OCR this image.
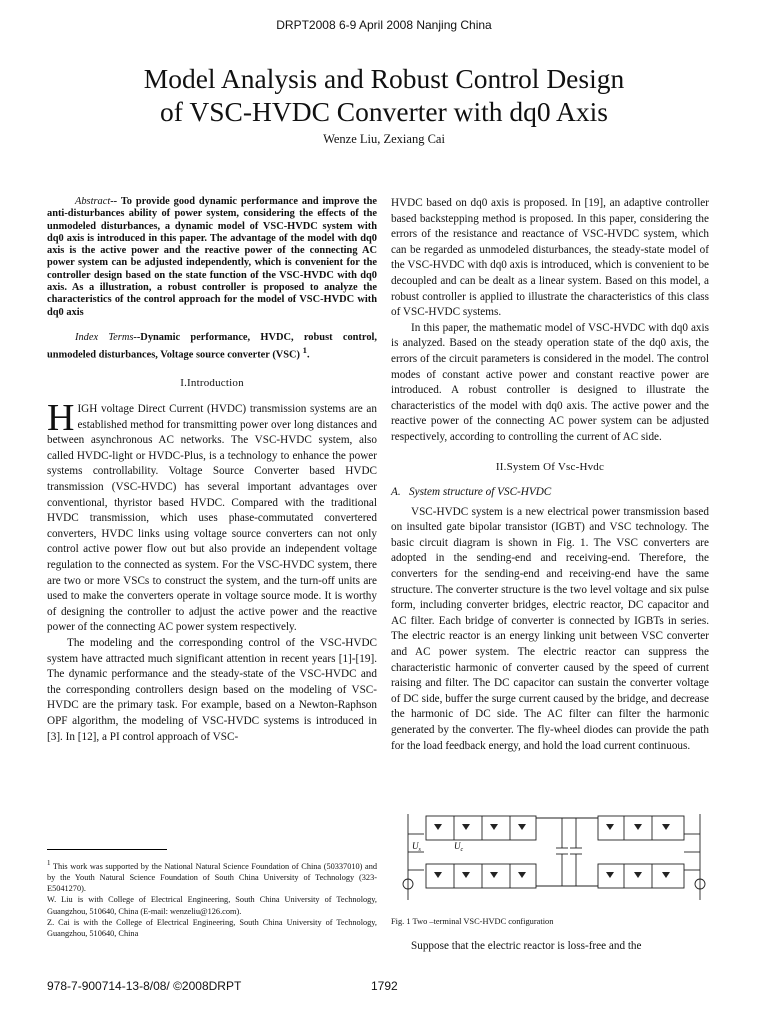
DRPT2008 6-9 April 2008 Nanjing China
Model Analysis and Robust Control Design
of VSC-HVDC Converter with dq0 Axis
Wenze Liu, Zexiang Cai

Abstract-- To provide good dynamic performance and improve the anti-disturbances ability of power system, considering the effects of the unmodeled disturbances, a dynamic model of VSC-HVDC system with dq0 axis is introduced in this paper. The advantage of the model with dq0 axis is the active power and the reactive power of the connecting AC power system can be adjusted independently, which is convenient for the controller design based on the state function of the VSC-HVDC with dq0 axis. As a illustration, a robust controller is proposed to analyze the characteristics of the control approach for the model of VSC-HVDC with dq0 axis

Index Terms--Dynamic performance, HVDC, robust control, unmodeled disturbances, Voltage source converter (VSC) $^1$.

I.Introduction

HIGH voltage Direct Current (HVDC) transmission systems are an established method for transmitting power over long distances and between asynchronous AC networks. The VSC-HVDC system, also called HVDC-light or HVDC-Plus, is a technology to enhance the power systems controllability. Voltage Source Converter based HVDC transmission (VSC-HVDC) has several important advantages over conventional, thyristor based HVDC. Compared with the traditional HVDC transmission, which uses phase-commutated convertered converters, HVDC links using voltage source converters can not only control active power flow out but also provide an independent voltage regulation to the connected as system. For the VSC-HVDC system, there are two or more VSCs to construct the system, and the turn-off units are used to make the converters operate in voltage source mode. It is worthy of designing the controller to adjust the active power and the reactive power of the connecting AC power system respectively.

The modeling and the corresponding control of the VSC-HVDC system have attracted much significant attention in recent years [1]-[19]. The dynamic performance and the steady-state of the VSC-HVDC and the corresponding controllers design based on the modeling of VSC-HVDC are the primary task. For example, based on a Newton-Raphson OPF algorithm, the modeling of VSC-HVDC systems is introduced in [3]. In [12], a PI control approach of VSC-

HVDC based on dq0 axis is proposed. In [19], an adaptive controller based backstepping method is proposed. In this paper, considering the errors of the resistance and reactance of VSC-HVDC system, which can be regarded as unmodeled disturbances, the steady-state model of the VSC-HVDC with dq0 axis is introduced, which is convenient to be decoupled and can be dealt as a linear system. Based on this model, a robust controller is applied to illustrate the characteristics of this class of VSC-HVDC systems.

In this paper, the mathematic model of VSC-HVDC with dq0 axis is analyzed. Based on the steady operation state of the dq0 axis, the errors of the circuit parameters is considered in the model. The control modes of constant active power and constant reactive power are introduced. A robust controller is designed to illustrate the characteristics of the model with dq0 axis. The active power and the reactive power of the connecting AC power system can be adjusted respectively, according to controlling the current of AC side.

II.System Of Vsc-Hvdc
A.   System structure of VSC-HVDC

VSC-HVDC system is a new electrical power transmission based on insulted gate bipolar transistor (IGBT) and VSC technology. The basic circuit diagram is shown in Fig. 1. The VSC converters are adopted in the sending-end and receiving-end. Therefore, the converters for the sending-end and receiving-end have the same structure. The converter structure is the two level voltage and six pulse form, including converter bridges, electric reactor, DC capacitor and AC filter. Each bridge of converter is connected by IGBTs in series. The electric reactor is an energy linking unit between VSC converter and AC power system. The electric reactor can suppress the characteristic harmonic of converter caused by the speed of current raising and filter. The DC capacitor can sustain the converter voltage of DC side, buffer the surge current caused by the bridge, and decrease the harmonic of DC side. The AC filter can filter the harmonic generated by the converter. The fly-wheel diodes can provide the path for the load feedback energy, and hold the load current continuous.

$U_s$	$U_c$
Fig. 1 Two –terminal VSC-HVDC configuration
Suppose that the electric reactor is loss-free and the

$^1$ This work was supported by the National Natural Science Foundation of China (50337010) and by the Youth Natural Science Foundation of South China University of Technology (323-E5041270).

W. Liu is with College of Electrical Engineering, South China University of Technology, Guangzhou, 510640, China (E-mail: wenzeliu@126.com).

Z. Cai is with the College of Electrical Engineering, South China University of Technology, Guangzhou, 510640, China

978-7-900714-13-8/08/ ©2008DRPT	1792
